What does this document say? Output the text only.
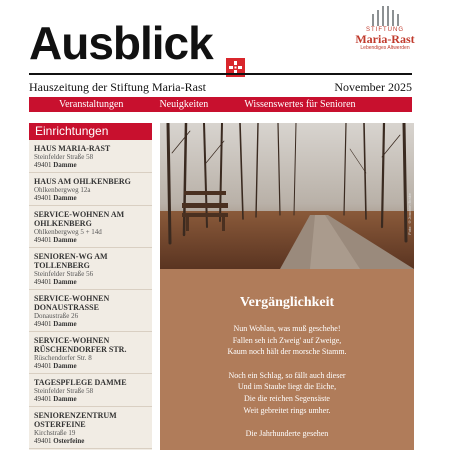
Ausblick	STIFTUNG
Maria-Rast
Lebendiges Altwerden
Hauszeitung der Stiftung Maria-Rast	November 2025
Veranstaltungen	Neuigkeiten	Wissenswertes für Senioren
Einrichtungen
HAUS MARIA-RAST
Steinfelder Straße 58
49401 Damme
HAUS AM OHLKENBERG
Ohlkenbergweg 12a
49401 Damme
SERVICE-WOHNEN AM OHLKENBERG
Ohlkenbergweg 5 + 14d
49401 Damme
SENIOREN-WG AM TOLLENBERG
Steinfelder Straße 56
49401 Damme
SERVICE-WOHNEN DONAUSTRASSE
Donaustraße 26
49401 Damme
SERVICE-WOHNEN RÜSCHENDORFER STR.
Rüschendorfer Str. 8
49401 Damme
TAGESPFLEGE DAMME
Steinfelder Straße 58
49401 Damme
SENIORENZENTRUM OSTERFEINE
Kirchstraße 19
49401 Osterfeine
Foto: ©Joachim Brake
Vergänglichkeit
Nun Wohlan, was muß geschehe!
Fallen seh ich Zweig' auf Zweige,
Kaum noch hält der morsche Stamm.
Noch ein Schlag, so fällt auch dieser
Und im Staube liegt die Eiche,
Die die reichen Segensäste
Weit gebreitet rings umher.
Die Jahrhunderte gesehen
